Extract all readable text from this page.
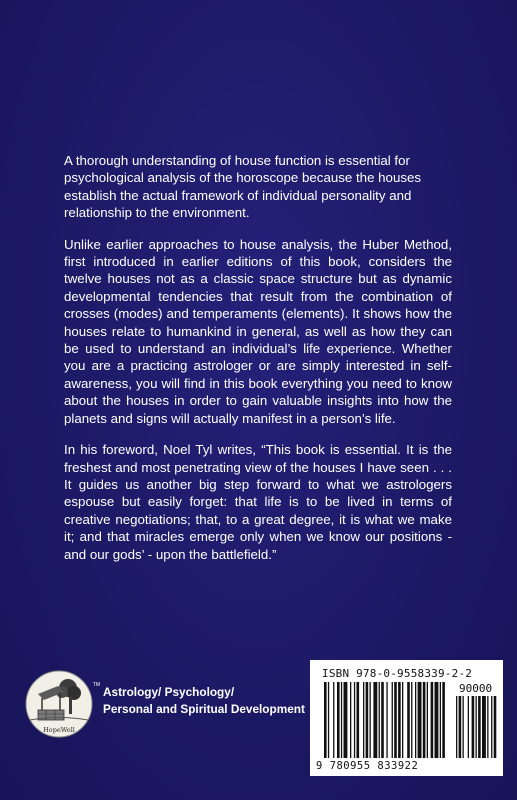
A thorough understanding of house function is essential for psychological analysis of the horoscope because the houses establish the actual framework of individual personality and relationship to the environment.

Unlike earlier approaches to house analysis, the Huber Method, first introduced in earlier editions of this book, considers the twelve houses not as a classic space structure but as dynamic developmental tendencies that result from the combination of crosses (modes) and temperaments (elements). It shows how the houses relate to humankind in general, as well as how they can be used to understand an individual’s life experience. Whether you are a practicing astrologer or are simply interested in self-awareness, you will find in this book everything you need to know about the houses in order to gain valuable insights into how the planets and signs will actually manifest in a person’s life.

In his foreword, Noel Tyl writes, “This book is essential. It is the freshest and most penetrating view of the houses I have seen . . . It guides us another big step forward to what we astrologers espouse but easily forget: that life is to be lived in terms of creative negotiations; that, to a great degree, it is what we make it; and that miracles emerge only when we know our positions - and our gods’ - upon the battlefield.”

TM
HopeWell
Astrology/ Psychology/
Personal and Spiritual Development
ISBN 978-0-9558339-2-2
90000
9 780955 833922
